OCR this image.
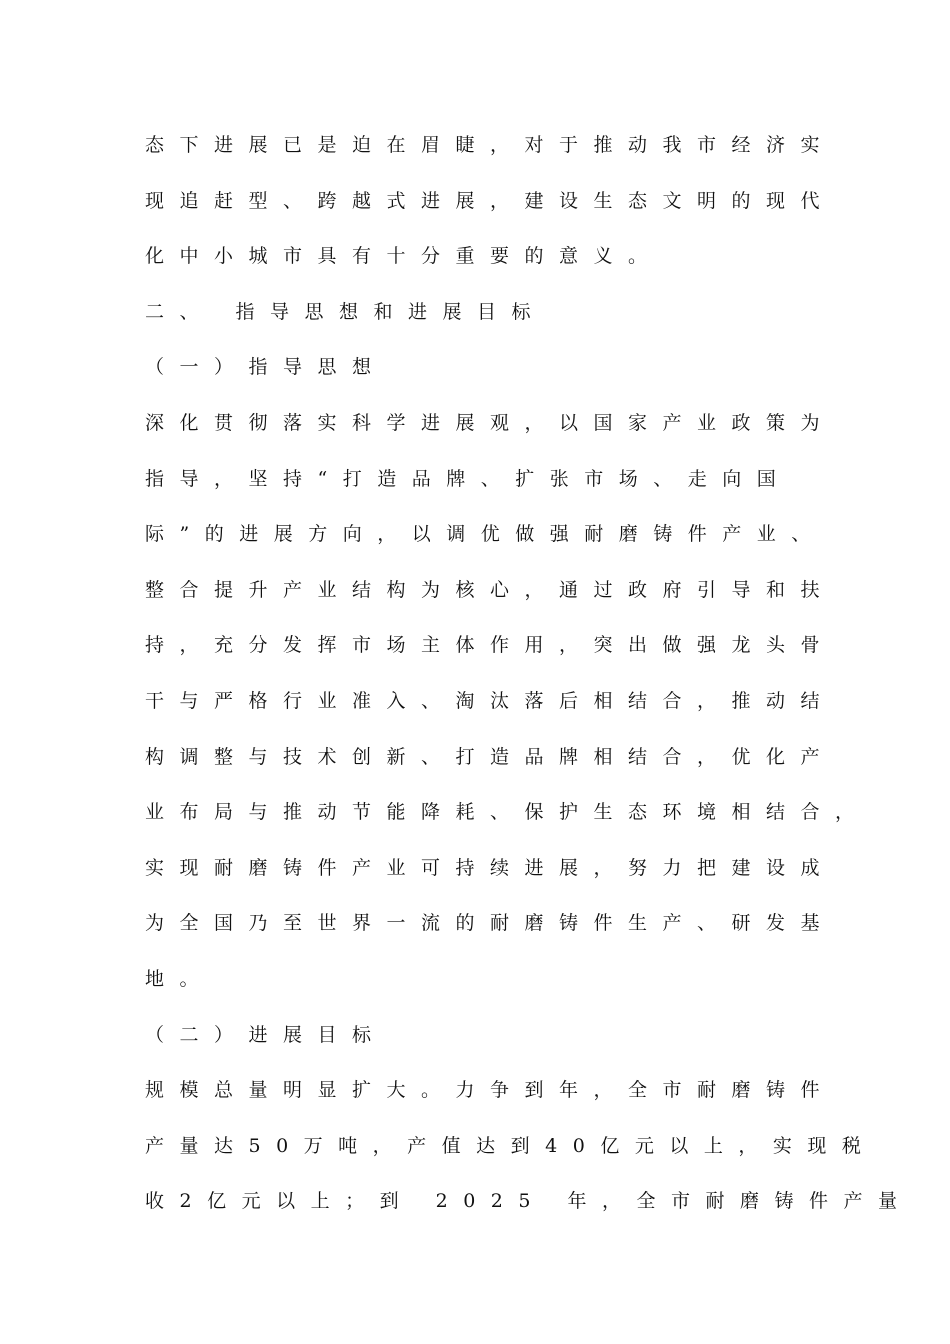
态下进展已是迫在眉睫，对于推动我市经济实
现追赶型、跨越式进展，建设生态文明的现代
化中小城市具有十分重要的意义。
二、 指导思想和进展目标
（一）指导思想
深化贯彻落实科学进展观，以国家产业政策为
指导，坚持“打造品牌、扩张市场、走向国
际”的进展方向，以调优做强耐磨铸件产业、
整合提升产业结构为核心，通过政府引导和扶
持，充分发挥市场主体作用，突出做强龙头骨
干与严格行业准入、淘汰落后相结合，推动结
构调整与技术创新、打造品牌相结合，优化产
业布局与推动节能降耗、保护生态环境相结合，
实现耐磨铸件产业可持续进展，努力把建设成
为全国乃至世界一流的耐磨铸件生产、研发基
地。
（二）进展目标
规模总量明显扩大。力争到年，全市耐磨铸件
产量达50万吨，产值达到40亿元以上，实现税
收2亿元以上；到 2025 年，全市耐磨铸件产量
